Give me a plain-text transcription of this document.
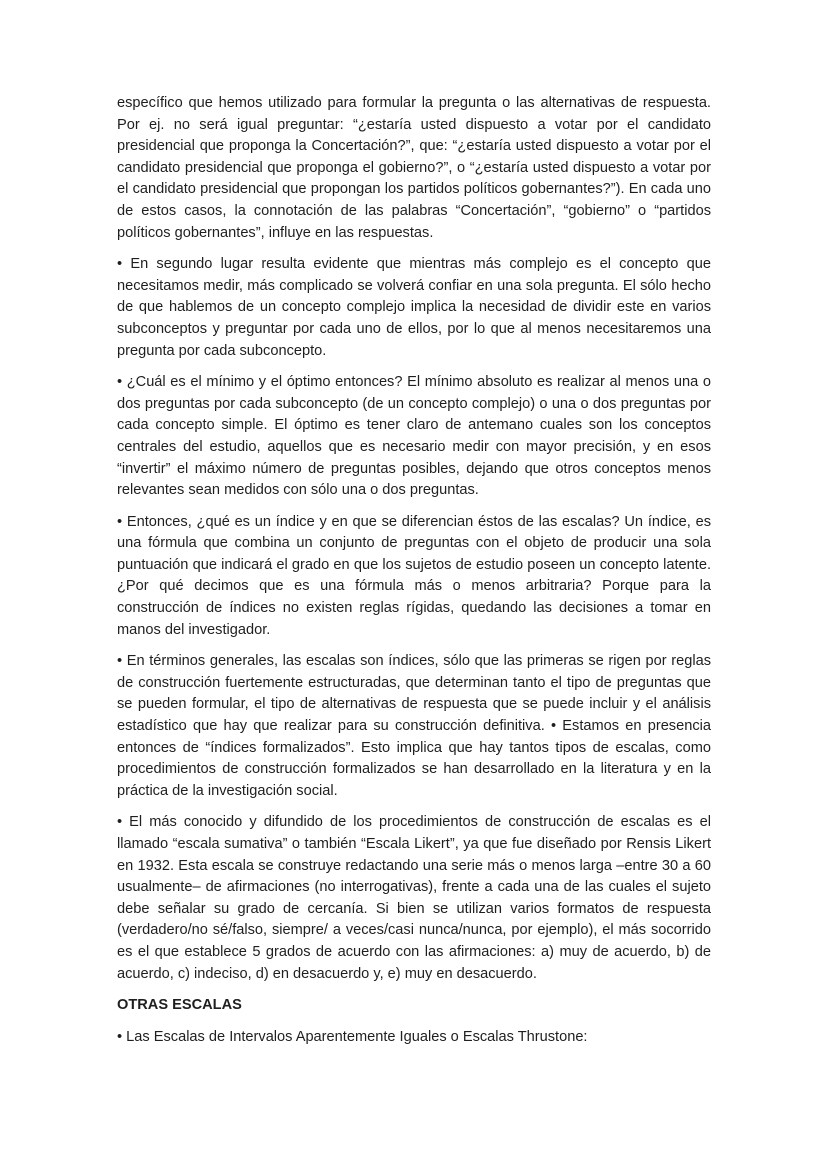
específico que hemos utilizado para formular la pregunta o las alternativas de respuesta. Por ej. no será igual preguntar: “¿estaría usted dispuesto a votar por el candidato presidencial que proponga la Concertación?”, que: “¿estaría usted dispuesto a votar por el candidato presidencial que proponga el gobierno?”, o “¿estaría usted dispuesto a votar por el candidato presidencial que propongan los partidos políticos gobernantes?”). En cada uno de estos casos, la connotación de las palabras “Concertación”, “gobierno” o “partidos políticos gobernantes”, influye en las respuestas.

• En segundo lugar resulta evidente que mientras más complejo es el concepto que necesitamos medir, más complicado se volverá confiar en una sola pregunta. El sólo hecho de que hablemos de un concepto complejo implica la necesidad de dividir este en varios subconceptos y preguntar por cada uno de ellos, por lo que al menos necesitaremos una pregunta por cada subconcepto.

• ¿Cuál es el mínimo y el óptimo entonces? El mínimo absoluto es realizar al menos una o dos preguntas por cada subconcepto (de un concepto complejo) o una o dos preguntas por cada concepto simple. El óptimo es tener claro de antemano cuales son los conceptos centrales del estudio, aquellos que es necesario medir con mayor precisión, y en esos “invertir” el máximo número de preguntas posibles, dejando que otros conceptos menos relevantes sean medidos con sólo una o dos preguntas.

• Entonces, ¿qué es un índice y en que se diferencian éstos de las escalas? Un índice, es una fórmula que combina un conjunto de preguntas con el objeto de producir una sola puntuación que indicará el grado en que los sujetos de estudio poseen un concepto latente. ¿Por qué decimos que es una fórmula más o menos arbitraria? Porque para la construcción de índices no existen reglas rígidas, quedando las decisiones a tomar en manos del investigador.

• En términos generales, las escalas son índices, sólo que las primeras se rigen por reglas de construcción fuertemente estructuradas, que determinan tanto el tipo de preguntas que se pueden formular, el tipo de alternativas de respuesta que se puede incluir y el análisis estadístico que hay que realizar para su construcción definitiva. • Estamos en presencia entonces de “índices formalizados”. Esto implica que hay tantos tipos de escalas, como procedimientos de construcción formalizados se han desarrollado en la literatura y en la práctica de la investigación social.

• El más conocido y difundido de los procedimientos de construcción de escalas es el llamado “escala sumativa” o también “Escala Likert”, ya que fue diseñado por Rensis Likert en 1932. Esta escala se construye redactando una serie más o menos larga –entre 30 a 60 usualmente– de afirmaciones (no interrogativas), frente a cada una de las cuales el sujeto debe señalar su grado de cercanía. Si bien se utilizan varios formatos de respuesta (verdadero/no sé/falso, siempre/ a veces/casi nunca/nunca, por ejemplo), el más socorrido es el que establece 5 grados de acuerdo con las afirmaciones: a) muy de acuerdo, b) de acuerdo, c) indeciso, d) en desacuerdo y, e) muy en desacuerdo.

OTRAS ESCALAS

• Las Escalas de Intervalos Aparentemente Iguales o Escalas Thrustone:
